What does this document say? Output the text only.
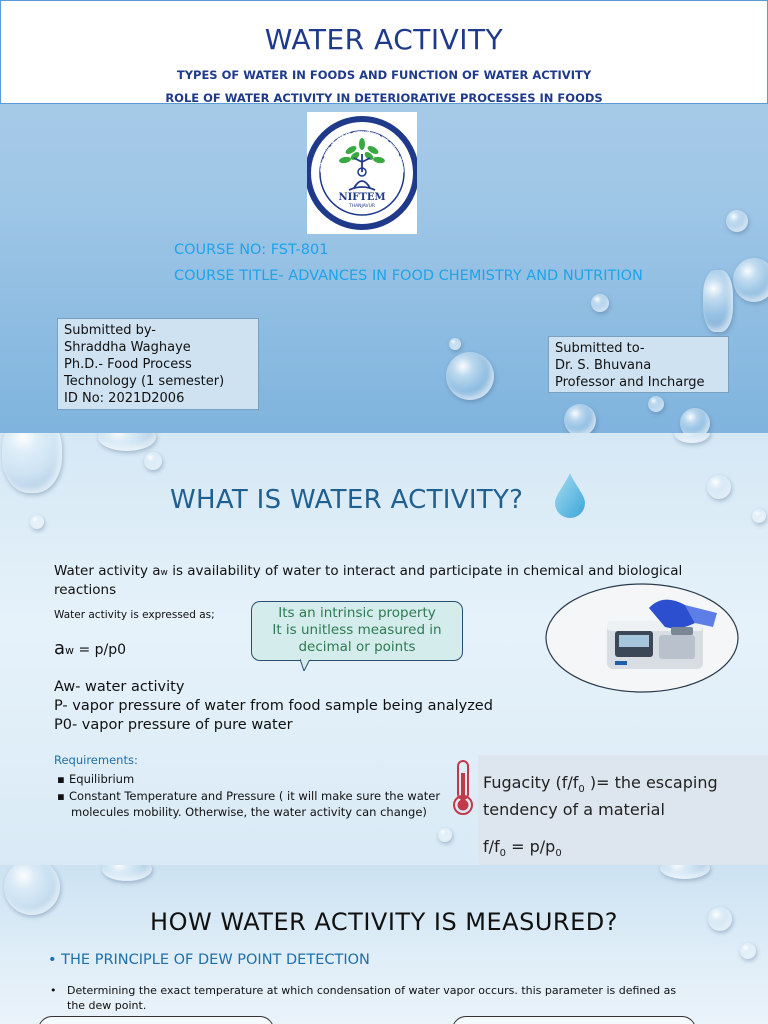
WATER ACTIVITY
TYPES OF WATER IN FOODS AND FUNCTION OF WATER ACTIVITY
ROLE OF WATER ACTIVITY IN DETERIORATIVE PROCESSES IN FOODS
राष्ट्रीय खाद्य प्रौद्योगिकी उद्यमशीलता एवं प्रबंधन संस्थान
NIFTEM
THANJAVUR
COURSE NO: FST-801
COURSE TITLE- ADVANCES IN FOOD CHEMISTRY AND NUTRITION
Submitted by-
Shraddha Waghaye
Ph.D.- Food Process
Technology (1 semester)
ID No: 2021D2006
Submitted to-
Dr. S. Bhuvana
Professor and Incharge
WHAT IS WATER ACTIVITY?
Water activity aw is availability of water to interact and participate in chemical and biological reactions
Water activity is expressed as;
aw = p/p0
Its an intrinsic property
It is unitless measured in
decimal or points
Aw- water activity
P- vapor pressure of water from food sample being analyzed
P0- vapor pressure of pure water
Requirements:
▪ Equilibrium
▪ Constant Temperature and Pressure ( it will make sure the water
molecules mobility. Otherwise, the water activity can change)
Fugacity ($f/f_0$ )= the escaping tendency of a material
$f/f_0 = p/p_0$
HOW WATER ACTIVITY IS MEASURED?
• THE PRINCIPLE OF DEW POINT DETECTION
•   Determining the exact temperature at which condensation of water vapor occurs. this parameter is defined as
the dew point.
